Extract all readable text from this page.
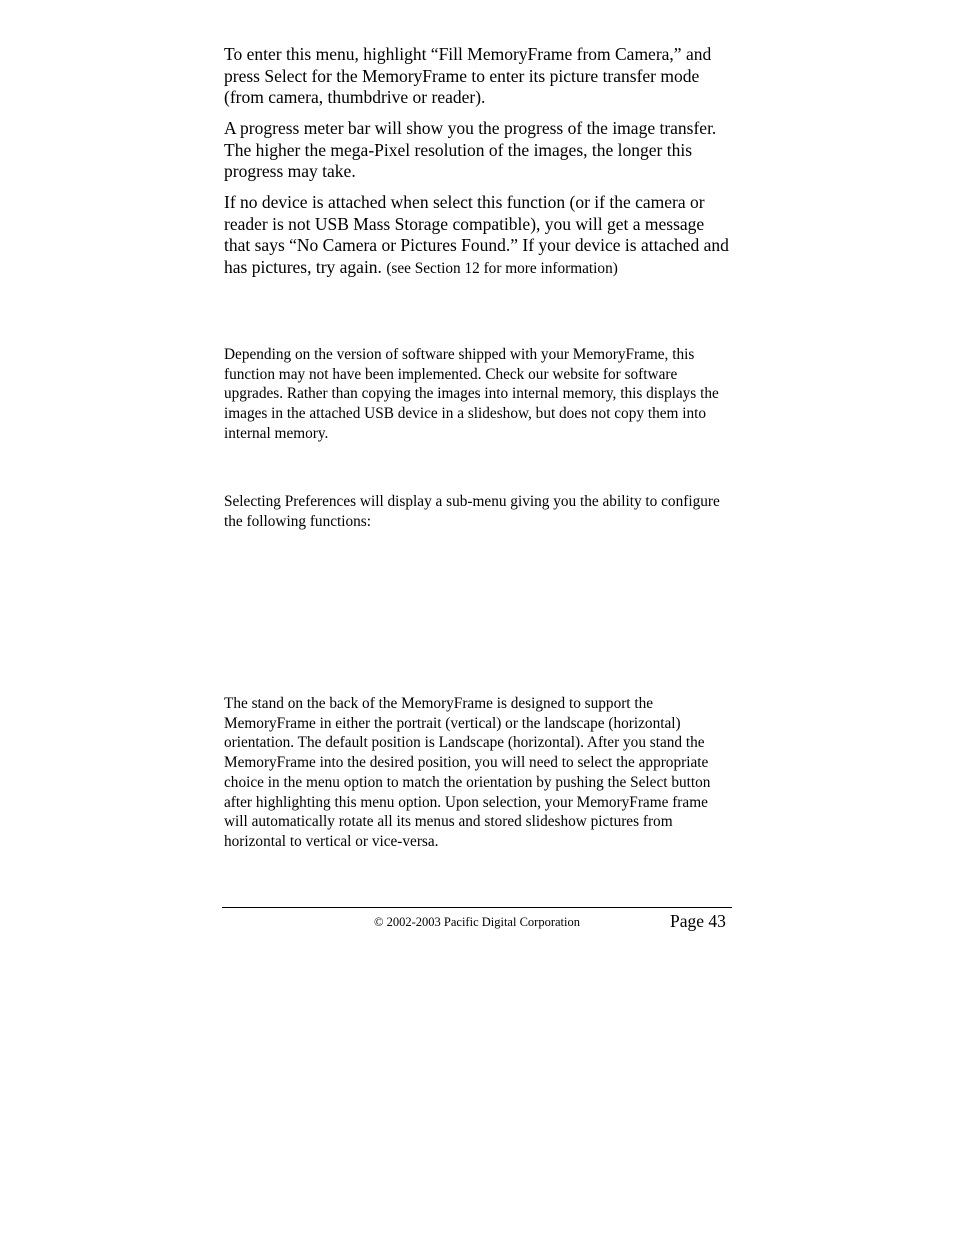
To enter this menu, highlight “Fill MemoryFrame from Camera,” and press Select for the MemoryFrame to enter its picture transfer mode (from camera, thumbdrive or reader).

A progress meter bar will show you the progress of the image transfer. The higher the mega-Pixel resolution of the images, the longer this progress may take.

If no device is attached when select this function (or if the camera or reader is not USB Mass Storage compatible), you will get a message that says “No Camera or Pictures Found.” If your device is attached and has pictures, try again. (see Section 12 for more information)

Depending on the version of software shipped with your MemoryFrame, this function may not have been implemented. Check our website for software upgrades. Rather than copying the images into internal memory, this displays the images in the attached USB device in a slideshow, but does not copy them into internal memory.

Selecting Preferences will display a sub-menu giving you the ability to configure the following functions:

The stand on the back of the MemoryFrame is designed to support the MemoryFrame in either the portrait (vertical) or the landscape (horizontal) orientation. The default position is Landscape (horizontal). After you stand the MemoryFrame into the desired position, you will need to select the appropriate choice in the menu option to match the orientation by pushing the Select button after highlighting this menu option. Upon selection, your MemoryFrame frame will automatically rotate all its menus and stored slideshow pictures from horizontal to vertical or vice-versa.

© 2002-2003 Pacific Digital Corporation	Page 43
